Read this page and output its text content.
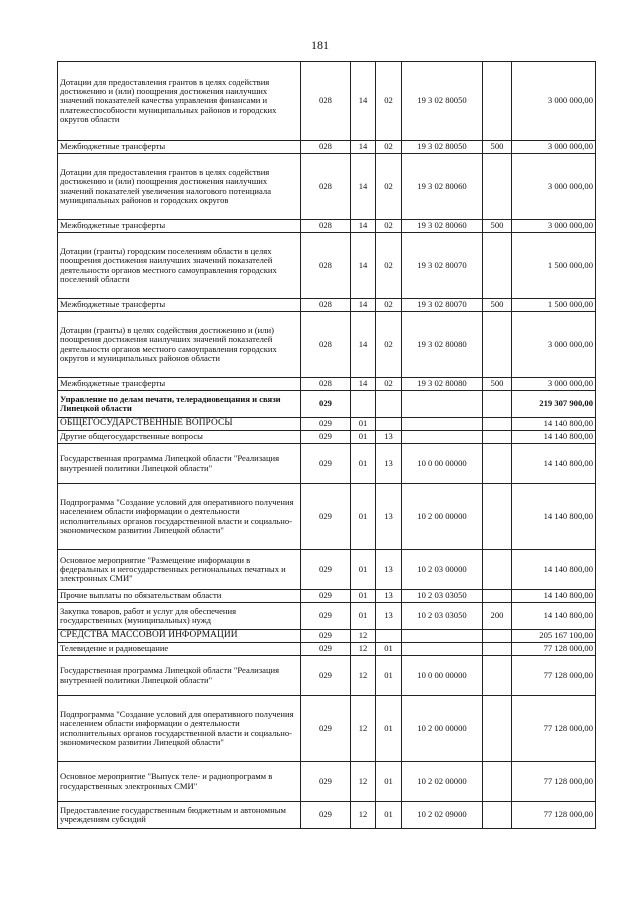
181
Дотации для предоставления грантов в целях содействия достижению и (или) поощрения достижения наилучших значений показателей качества управления финансами и платежеспособности муниципальных районов и городских округов области	028	14	02	19 3 02 80050		3 000 000,00
Межбюджетные трансферты	028	14	02	19 3 02 80050	500	3 000 000,00
Дотации для предоставления грантов в целях содействия достижению и (или) поощрения достижения наилучших значений показателей увеличения налогового потенциала муниципальных районов и городских округов	028	14	02	19 3 02 80060		3 000 000,00
Межбюджетные трансферты	028	14	02	19 3 02 80060	500	3 000 000,00
Дотации (гранты) городским поселениям области в целях поощрения достижения наилучших значений показателей деятельности органов местного самоуправления городских поселений области	028	14	02	19 3 02 80070		1 500 000,00
Межбюджетные трансферты	028	14	02	19 3 02 80070	500	1 500 000,00
Дотации (гранты) в целях содействия достижению и (или) поощрения достижения наилучших значений показателей деятельности органов местного самоуправления городских округов и муниципальных районов области	028	14	02	19 3 02 80080		3 000 000,00
Межбюджетные трансферты	028	14	02	19 3 02 80080	500	3 000 000,00
Управление по делам печати, телерадиовещания и связи Липецкой области	029					219 307 900,00
ОБЩЕГОСУДАРСТВЕННЫЕ ВОПРОСЫ	029	01				14 140 800,00
Другие общегосударственные вопросы	029	01	13			14 140 800,00
Государственная программа Липецкой области "Реализация внутренней политики Липецкой области"	029	01	13	10 0 00 00000		14 140 800,00
Подпрограмма "Создание условий для оперативного получения населением области информации о деятельности исполнительных органов государственной власти и социально-экономическом развитии Липецкой области"	029	01	13	10 2 00 00000		14 140 800,00
Основное мероприятие "Размещение информации в федеральных и негосударственных региональных печатных и электронных СМИ"	029	01	13	10 2 03 00000		14 140 800,00
Прочие выплаты по обязательствам области	029	01	13	10 2 03 03050		14 140 800,00
Закупка товаров, работ и услуг для обеспечения государственных (муниципальных) нужд	029	01	13	10 2 03 03050	200	14 140 800,00
СРЕДСТВА МАССОВОЙ ИНФОРМАЦИИ	029	12				205 167 100,00
Телевидение и радиовещание	029	12	01			77 128 000,00
Государственная программа Липецкой области "Реализация внутренней политики Липецкой области"	029	12	01	10 0 00 00000		77 128 000,00
Подпрограмма "Создание условий для оперативного получения населением области информации о деятельности исполнительных органов государственной власти и социально-экономическом развитии Липецкой области"	029	12	01	10 2 00 00000		77 128 000,00
Основное мероприятие "Выпуск теле- и радиопрограмм в государственных электронных СМИ"	029	12	01	10 2 02 00000		77 128 000,00
Предоставление государственным бюджетным и автономным учреждениям субсидий	029	12	01	10 2 02 09000		77 128 000,00
